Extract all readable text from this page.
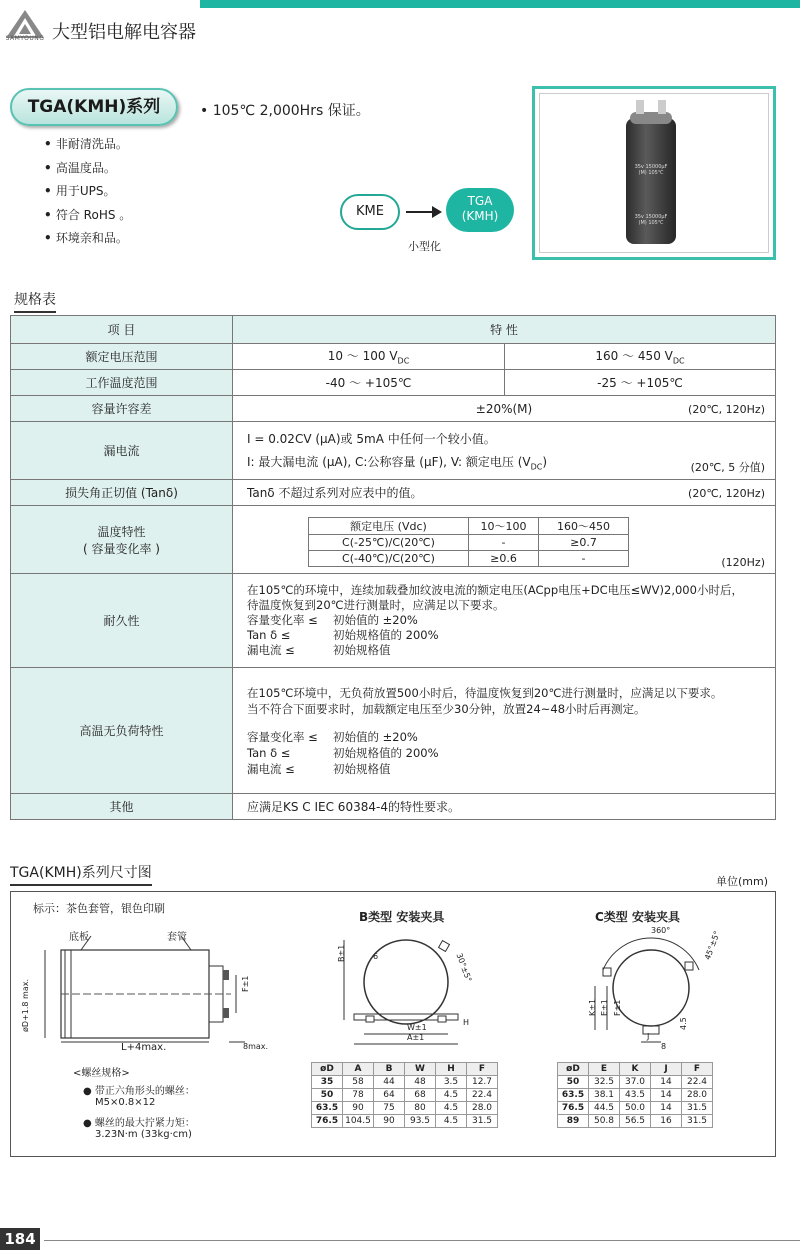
SAMYOUNG 大型铝电解电容器
TGA(KMH)系列	• 105℃ 2,000Hrs 保证。
• 非耐清洗品。
• 高温度品。
• 用于UPS。
• 符合 RoHS 。
• 环境亲和品。
KME
TGA
(KMH)
小型化
35v 15000μF
(M) 105℃
35v 15000μF
(M) 105℃
规格表
项 目	特 性
额定电压范围	10 ～ 100 $V_{DC}$	160 ～ 450 $V_{DC}$
工作温度范围	-40 ～ +105℃	-25 ～ +105℃
容量许容差	±20%(M)	(20℃, 120Hz)

漏电流	
I = 0.02CV (μA)或 5mA 中任何一个较小值。
I: 最大漏电流 (μA), C:公称容量 (μF), V: 额定电压 $(V_{DC})$	(20℃, 5 分值)

损失角正切值 (Tanδ)	Tanδ 不超过系列对应表中的值。	(20℃, 120Hz)

温度特性
( 容量变化率 )

额定电压 (Vdc)	10～100	160～450
C(-25℃)/C(20℃)	-	≥0.7
C(-40℃)/C(20℃)	≥0.6	-	(120Hz)

耐久性	
在105℃的环境中，连续加载叠加纹波电流的额定电压(ACpp电压+DC电压≤WV)2,000小时后，
待温度恢复到20℃进行测量时，应满足以下要求。
容量变化率 ≤ 初始值的 ±20%
Tan δ ≤	初始规格值的 200%
漏电流 ≤	初始规格值

高温无负荷特性	
在105℃环境中，无负荷放置500小时后，待温度恢复到20℃进行测量时，应满足以下要求。
当不符合下面要求时，加载额定电压至少30分钟，放置24~48小时后再测定。
容量变化率 ≤ 初始值的 ±20%
Tan δ ≤	初始规格值的 200%
漏电流 ≤	初始规格值

其他	应满足KS C IEC 60384-4的特性要求。
TGA(KMH)系列尺寸图
单位(mm)
标示：茶色套管，银色印刷
底板	套管
øD+1.8 max.
L+4max.	8max.
F±1
<螺丝规格>
● 带正六角形头的螺丝：
M5×0.8×12
● 螺丝的最大拧紧力矩：
3.23N·m (33kg·cm)
B类型 安装夹具
B±1	6	30°±5°
W±1
A±1
H
øD	A	B	W	H	F
35	58	44	48	3.5	12.7
50	78	64	68	4.5	22.4
63.5	90	75	80	4.5	28.0
76.5	104.5	90	93.5	4.5	31.5
C类型 安装夹具
360°
K±1 E±1 F±1
J
8
4.5
45°±5°
øD	E	K	J	F
50	32.5	37.0	14	22.4
63.5	38.1	43.5	14	28.0
76.5	44.5	50.0	14	31.5
89	50.8	56.5	16	31.5
184
